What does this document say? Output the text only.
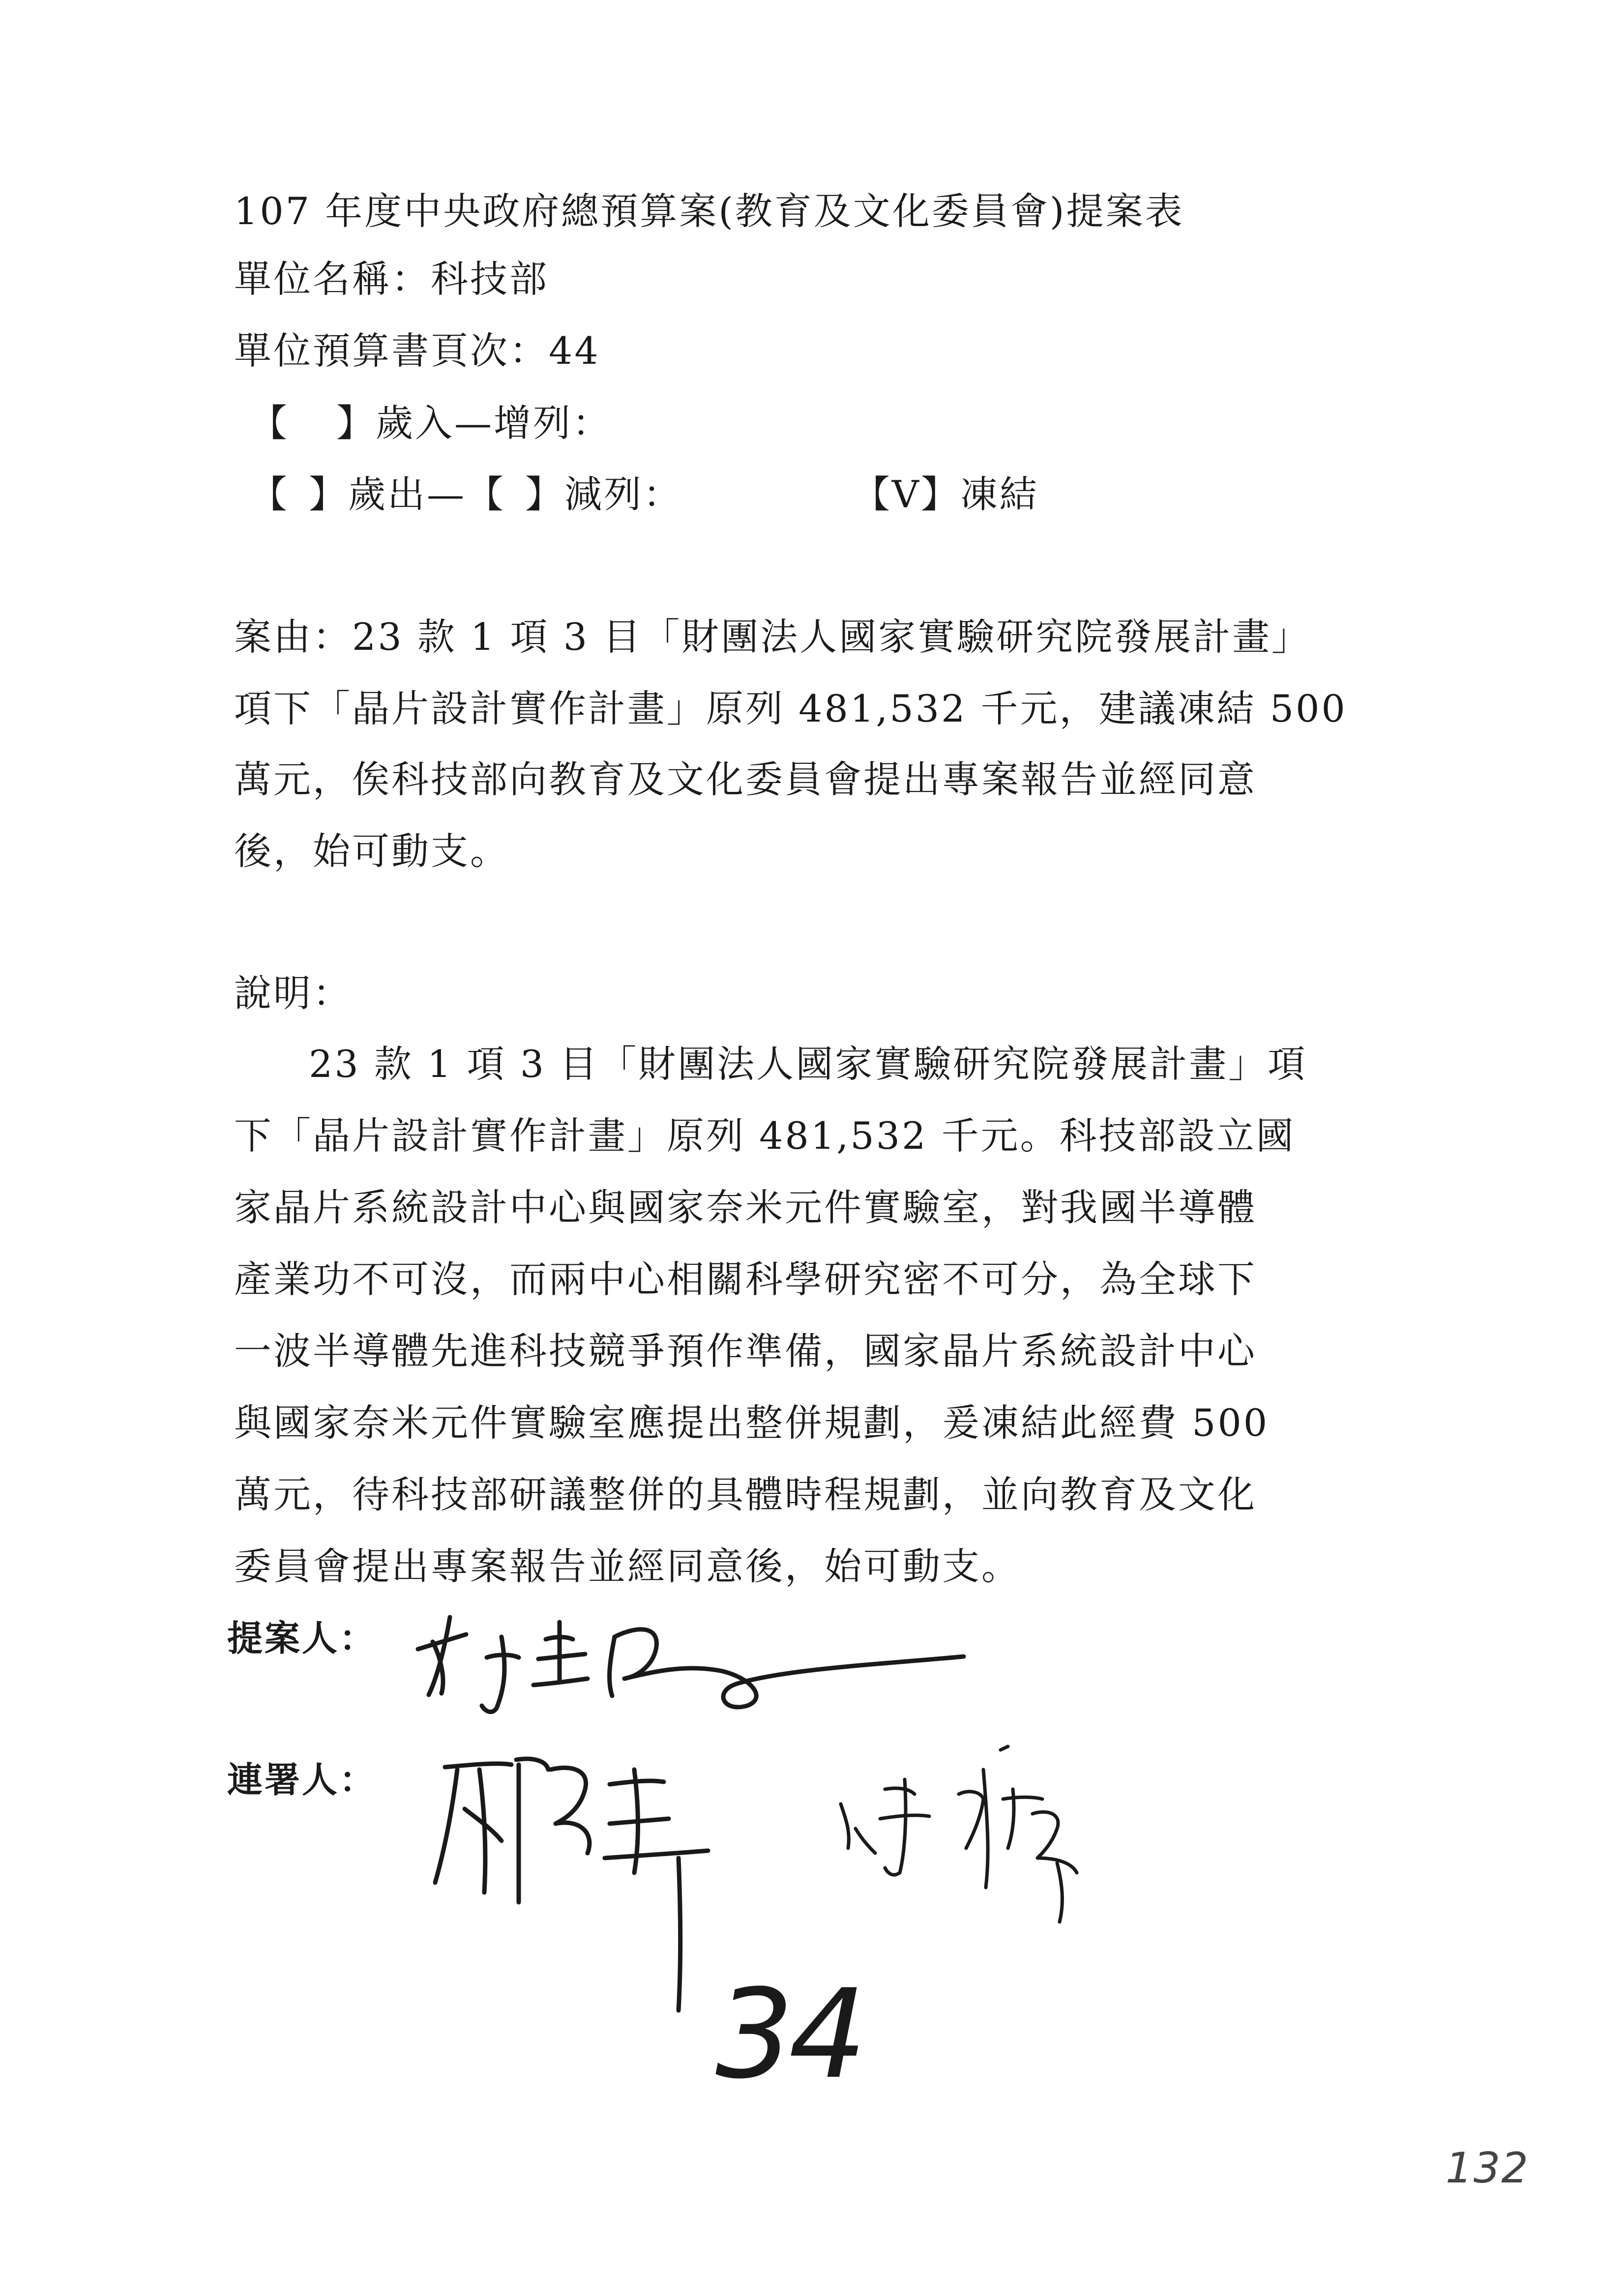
107 年度中央政府總預算案(教育及文化委員會)提案表
單位名稱：科技部
單位預算書頁次：44
【 】歲入—增列：
【 】歲出—【 】減列：	【V】凍結
案由：23 款 1 項 3 目「財團法人國家實驗研究院發展計畫」
項下「晶片設計實作計畫」原列 481,532 千元，建議凍結 500
萬元，俟科技部向教育及文化委員會提出專案報告並經同意
後，始可動支。
說明：
23 款 1 項 3 目「財團法人國家實驗研究院發展計畫」項
下「晶片設計實作計畫」原列 481,532 千元。科技部設立國
家晶片系統設計中心與國家奈米元件實驗室，對我國半導體
產業功不可沒，而兩中心相關科學研究密不可分，為全球下
一波半導體先進科技競爭預作準備，國家晶片系統設計中心
與國家奈米元件實驗室應提出整併規劃，爰凍結此經費 500
萬元，待科技部研議整併的具體時程規劃，並向教育及文化
委員會提出專案報告並經同意後，始可動支。
提案人：
連署人：
34
132
